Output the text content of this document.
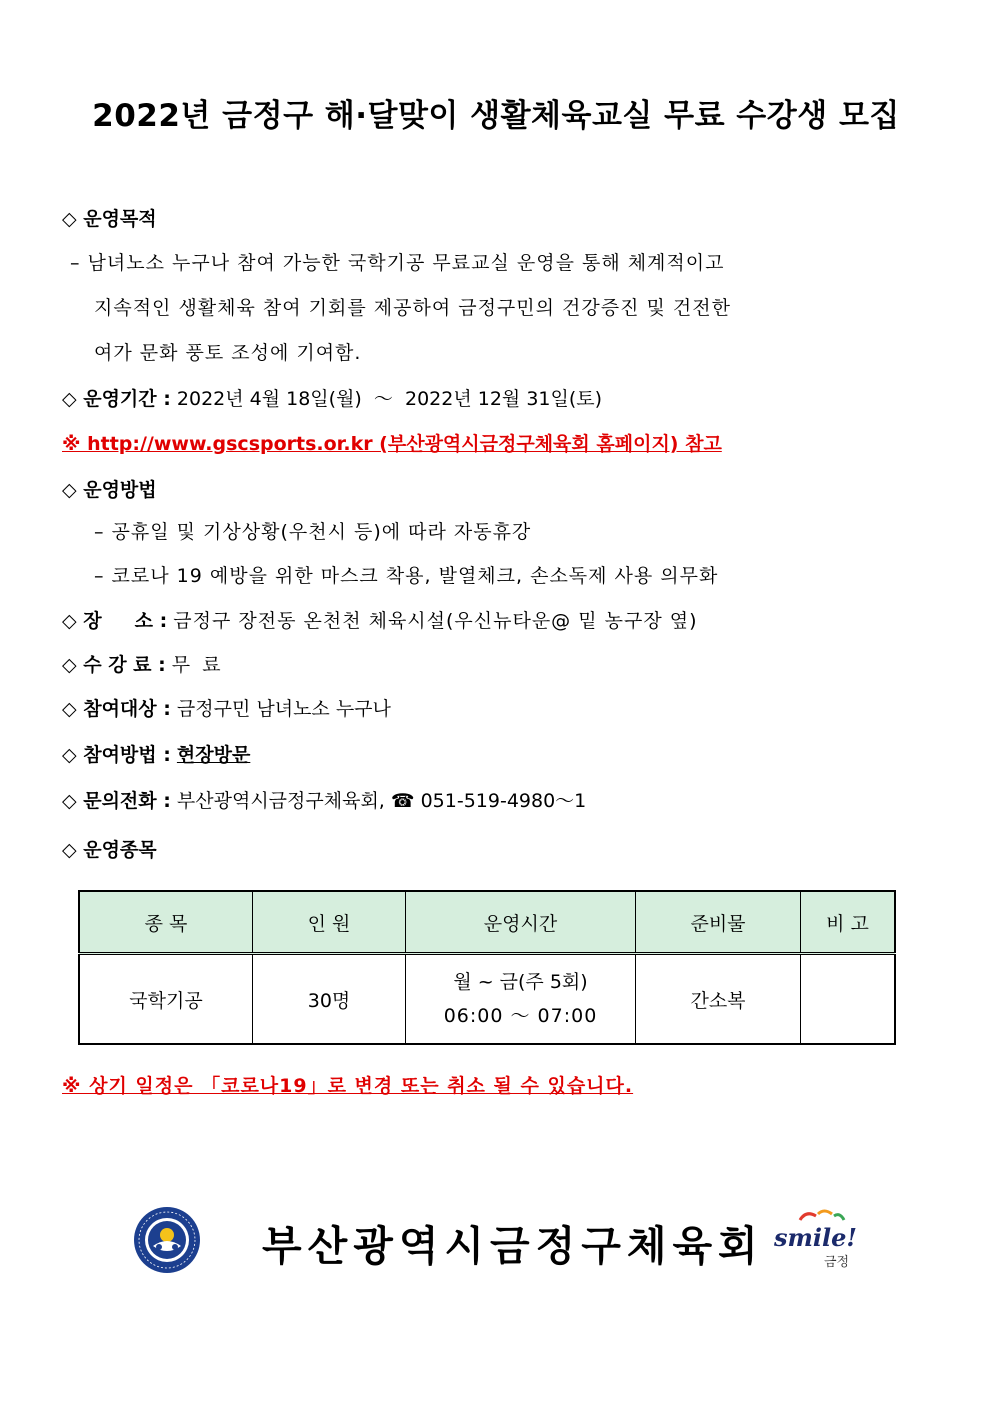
2022년 금정구 해·달맞이 생활체육교실 무료 수강생 모집
◇ 운영목적
– 남녀노소 누구나 참여 가능한 국학기공 무료교실 운영을 통해 체계적이고
지속적인 생활체육 참여 기회를 제공하여 금정구민의 건강증진 및 건전한
여가 문화 풍토 조성에 기여함.
◇ 운영기간 : 2022년 4월 18일(월)  ～  2022년 12월 31일(토)
※ http://www.gscsports.or.kr (부산광역시금정구체육회 홈페이지) 참고
◇ 운영방법
– 공휴일 및 기상상황(우천시 등)에 따라 자동휴강
– 코로나 19 예방을 위한 마스크 착용, 발열체크, 손소독제 사용 의무화
◇ 장     소 : 금정구 장전동 온천천 체육시설(우신뉴타운@ 밑 농구장 옆)
◇ 수 강 료 : 무  료
◇ 참여대상 : 금정구민 남녀노소 누구나
◇ 참여방법 : 현장방문
◇ 문의전화 : 부산광역시금정구체육회, ☎ 051-519-4980～1
◇ 운영종목
종 목	인 원	운영시간	준비물	비 고
국학기공	30명	월 ~ 금(주 5회)
06:00 ～ 07:00	간소복	
※ 상기 일정은 「코로나19」로 변경 또는 취소 될 수 있습니다.
부산광역시금정구체육회 smile!
금정
